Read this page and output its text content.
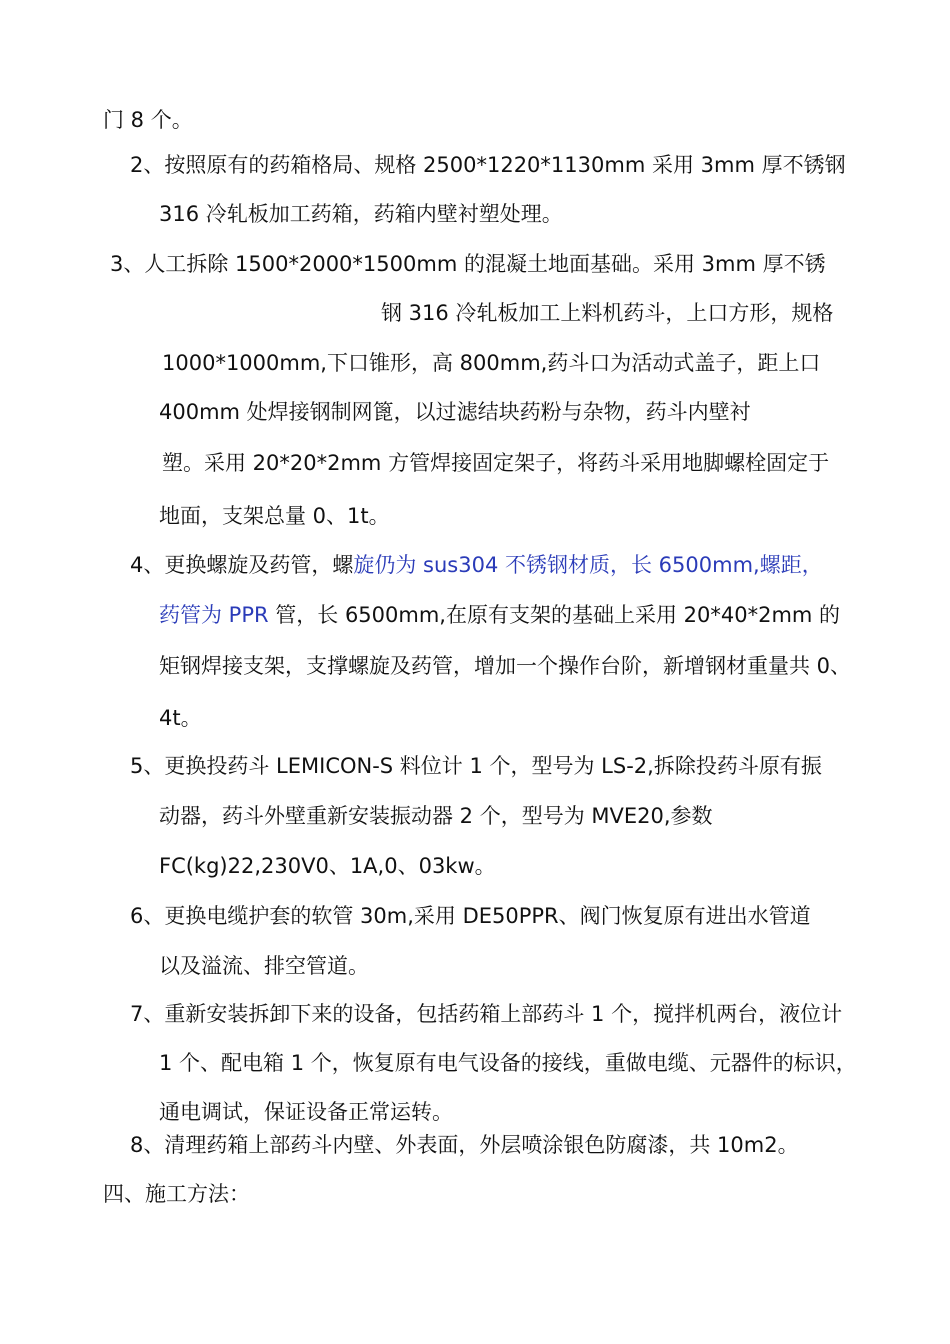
门 8 个。
2、按照原有的药箱格局、规格 2500*1220*1130mm 采用 3mm 厚不锈钢
316 冷轧板加工药箱，药箱内壁衬塑处理。
3、人工拆除 1500*2000*1500mm 的混凝土地面基础。采用 3mm 厚不锈
钢 316 冷轧板加工上料机药斗，上口方形，规格
1000*1000mm,下口锥形，高 800mm,药斗口为活动式盖子，距上口
400mm 处焊接钢制网篦，以过滤结块药粉与杂物，药斗内壁衬
塑。采用 20*20*2mm 方管焊接固定架子，将药斗采用地脚螺栓固定于
地面，支架总量 0、1t。
4、更换螺旋及药管，螺旋仍为 sus304 不锈钢材质，长 6500mm,螺距，
药管为 PPR 管，长 6500mm,在原有支架的基础上采用 20*40*2mm 的
矩钢焊接支架，支撑螺旋及药管，增加一个操作台阶，新增钢材重量共 0、
4t。
5、更换投药斗 LEMICON-S 料位计 1 个，型号为 LS-2,拆除投药斗原有振
动器，药斗外壁重新安装振动器 2 个，型号为 MVE20,参数
FC(kg)22,230V0、1A,0、03kw。
6、更换电缆护套的软管 30m,采用 DE50PPR、阀门恢复原有进出水管道
以及溢流、排空管道。
7、重新安装拆卸下来的设备，包括药箱上部药斗 1 个，搅拌机两台，液位计
1 个、配电箱 1 个，恢复原有电气设备的接线，重做电缆、元器件的标识，
通电调试，保证设备正常运转。
8、清理药箱上部药斗内壁、外表面，外层喷涂银色防腐漆，共 10m2。
四、施工方法：
